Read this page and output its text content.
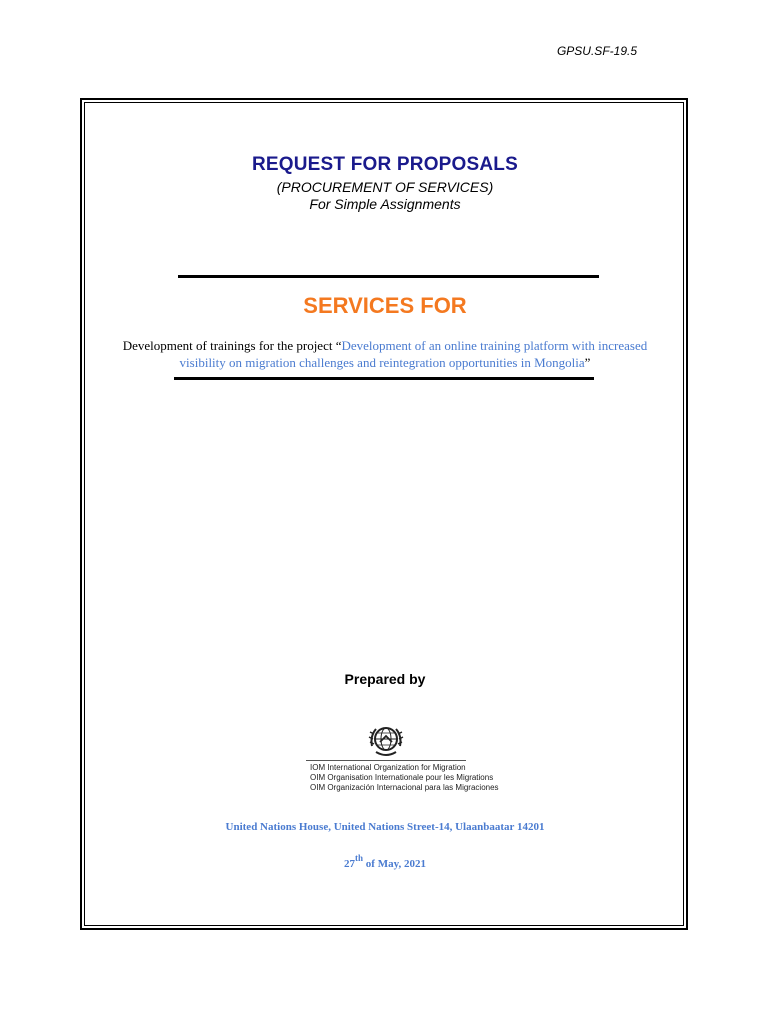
GPSU.SF-19.5
REQUEST FOR PROPOSALS
(PROCUREMENT OF SERVICES)
For Simple Assignments
SERVICES FOR
Development of trainings for the project “Development of an online training platform with increased visibility on migration challenges and reintegration opportunities in Mongolia”
Prepared by
IOM International Organization for Migration
OIM Organisation Internationale pour les Migrations
OIM Organización Internacional para las Migraciones
United Nations House, United Nations Street-14, Ulaanbaatar 14201
27th of May, 2021
